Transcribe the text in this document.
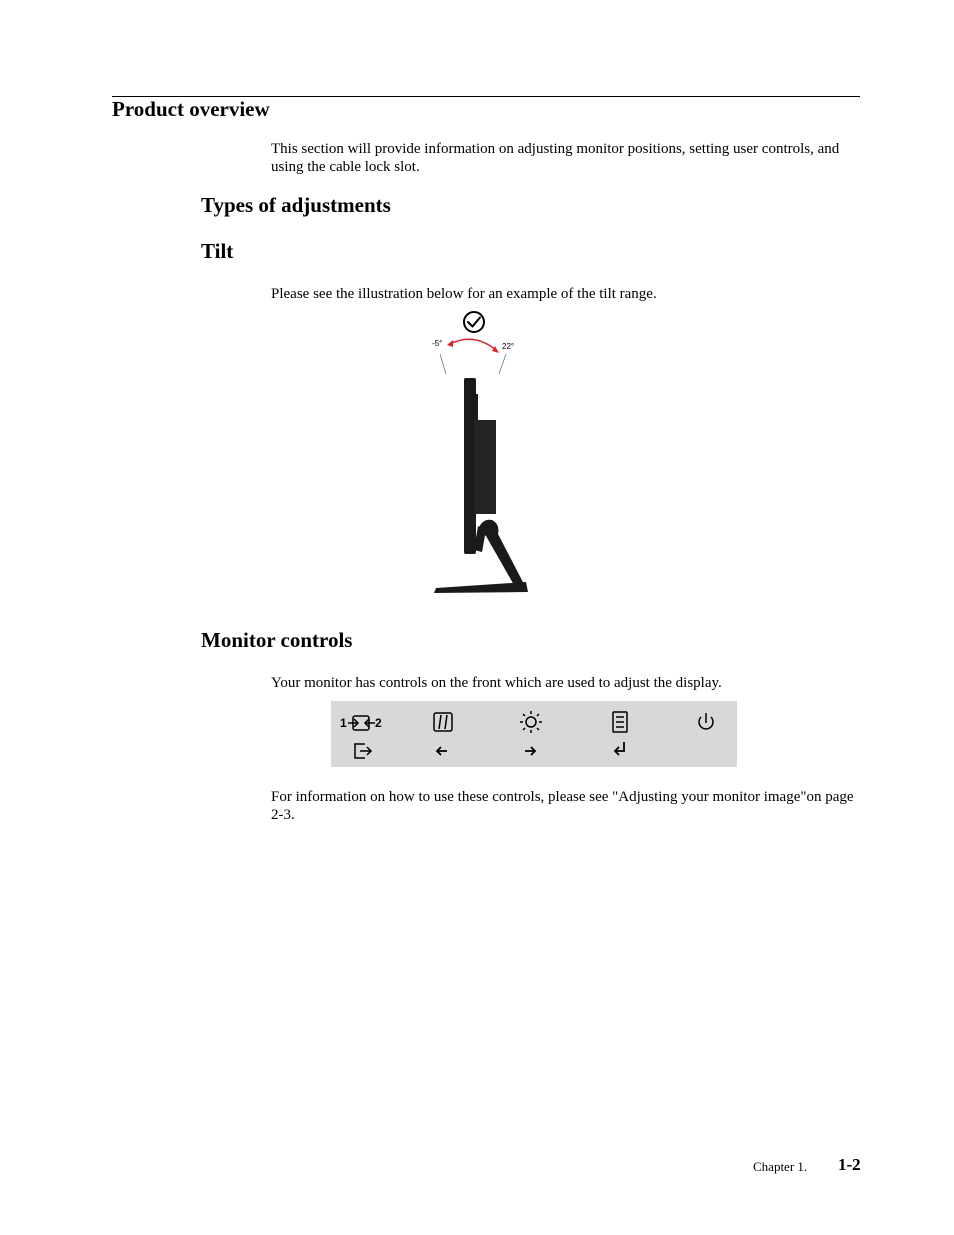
Product overview

This section will provide information on adjusting monitor positions, setting user controls, and using the cable lock slot.

Types of adjustments
Tilt

Please see the illustration below for an example of the tilt range.

-5°	22°
Monitor controls

Your monitor has controls on the front which are used to adjust the display.

1 2

For information on how to use these controls, please see "Adjusting your monitor image"on page 2-3.

Chapter 1. 1-2
